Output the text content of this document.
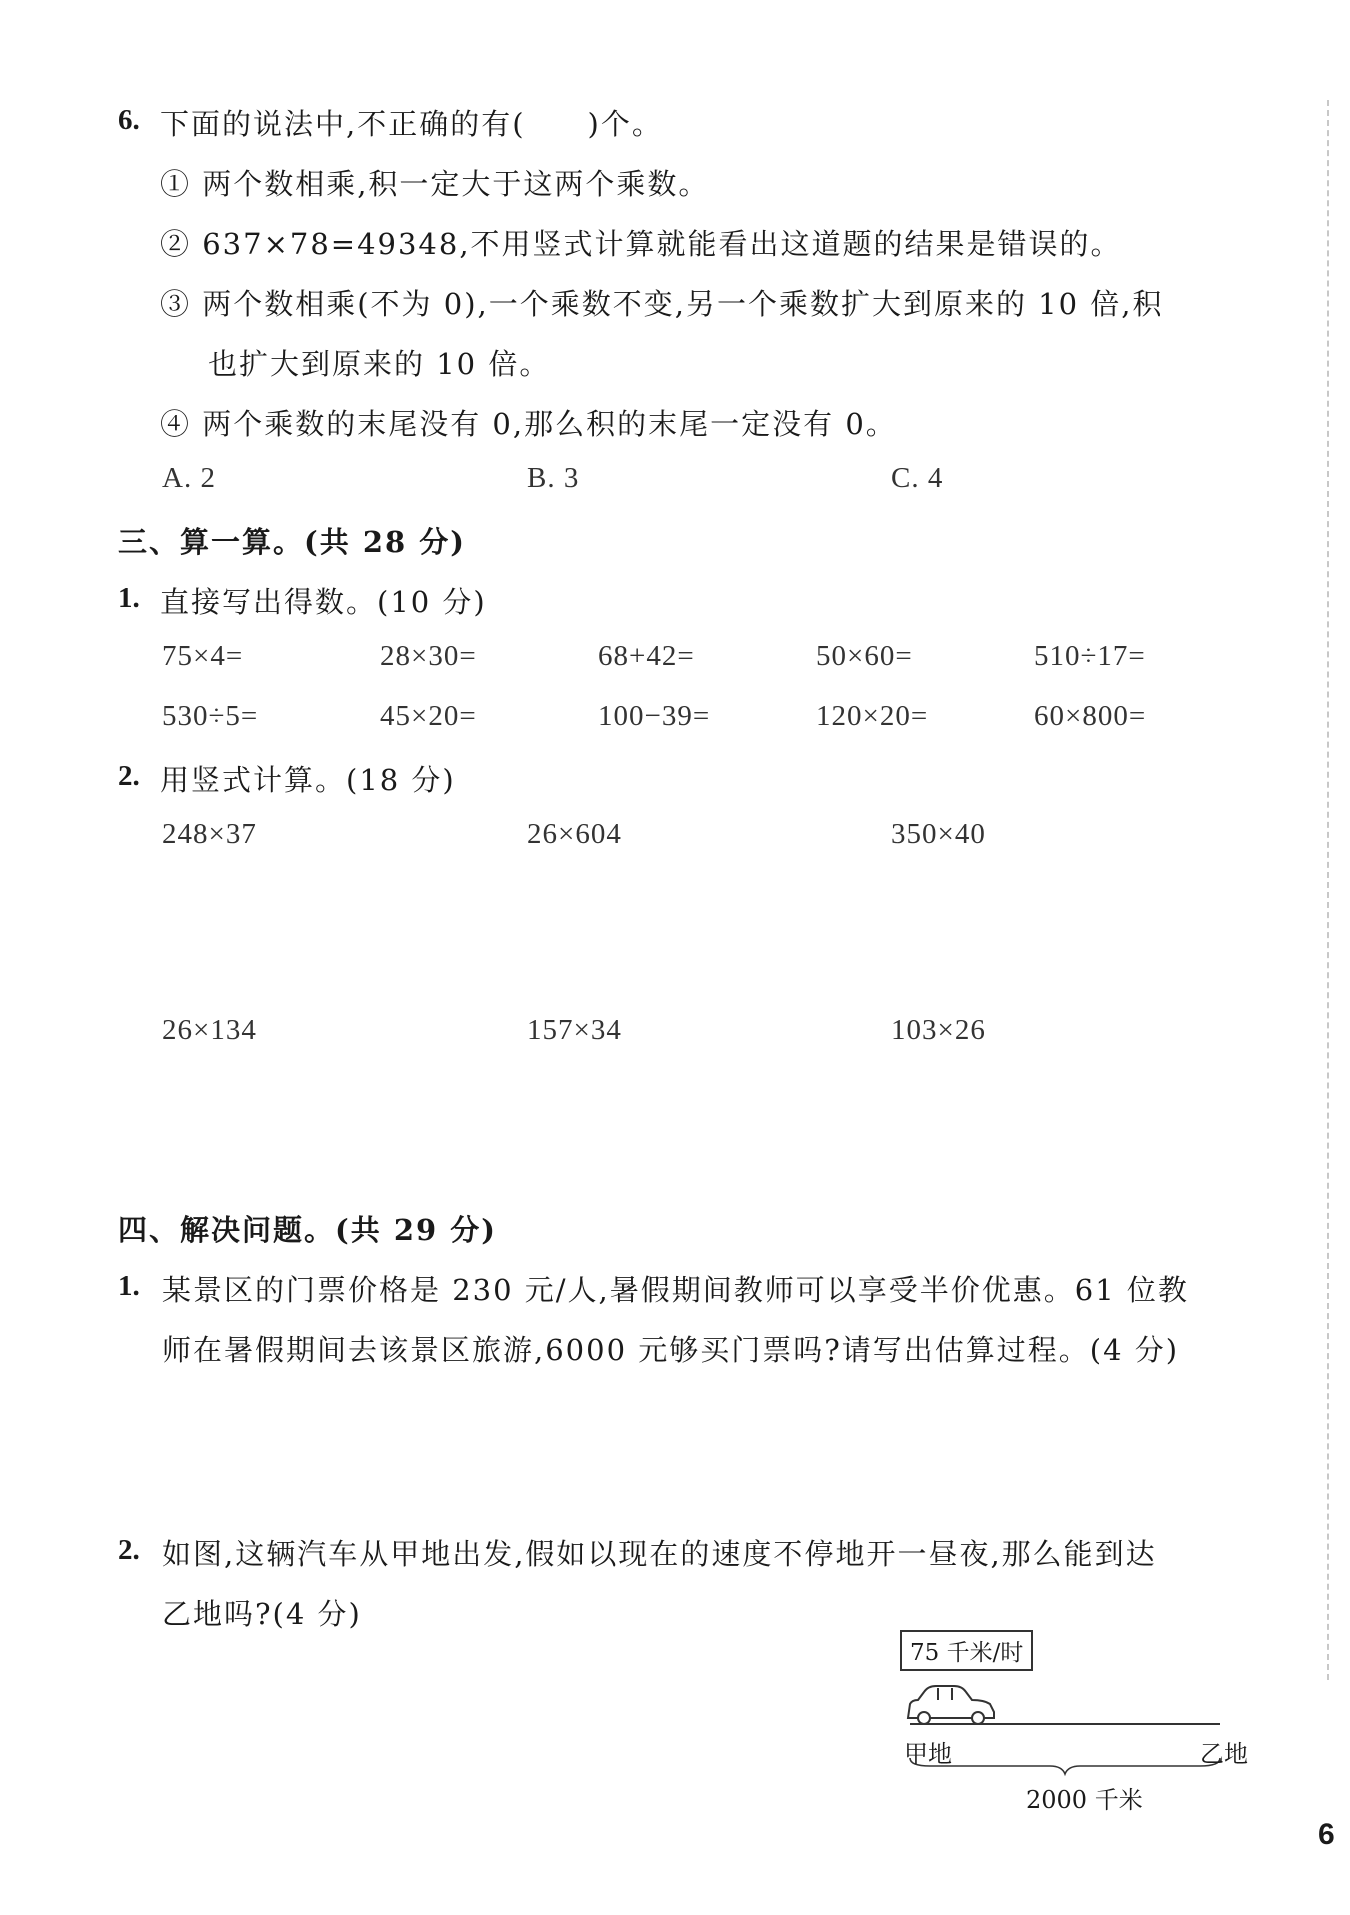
6. 下面的说法中,不正确的有(　　)个。
① 两个数相乘,积一定大于这两个乘数。
② 637×78=49348,不用竖式计算就能看出这道题的结果是错误的。
③ 两个数相乘(不为 0),一个乘数不变,另一个乘数扩大到原来的 10 倍,积
也扩大到原来的 10 倍。
④ 两个乘数的末尾没有 0,那么积的末尾一定没有 0。
A. 2	B. 3	C. 4
三、算一算。(共 28 分)
1. 直接写出得数。(10 分)
75×4=	28×30=	68+42=	50×60=	510÷17=
530÷5=	45×20=	100−39=	120×20=	60×800=
2. 用竖式计算。(18 分)
248×37	26×604	350×40
26×134	157×34	103×26
四、解决问题。(共 29 分)
1. 某景区的门票价格是 230 元/人,暑假期间教师可以享受半价优惠。61 位教
师在暑假期间去该景区旅游,6000 元够买门票吗?请写出估算过程。(4 分)
2. 如图,这辆汽车从甲地出发,假如以现在的速度不停地开一昼夜,那么能到达
乙地吗?(4 分)
75 千米/时
甲地	乙地
2000 千米
6
